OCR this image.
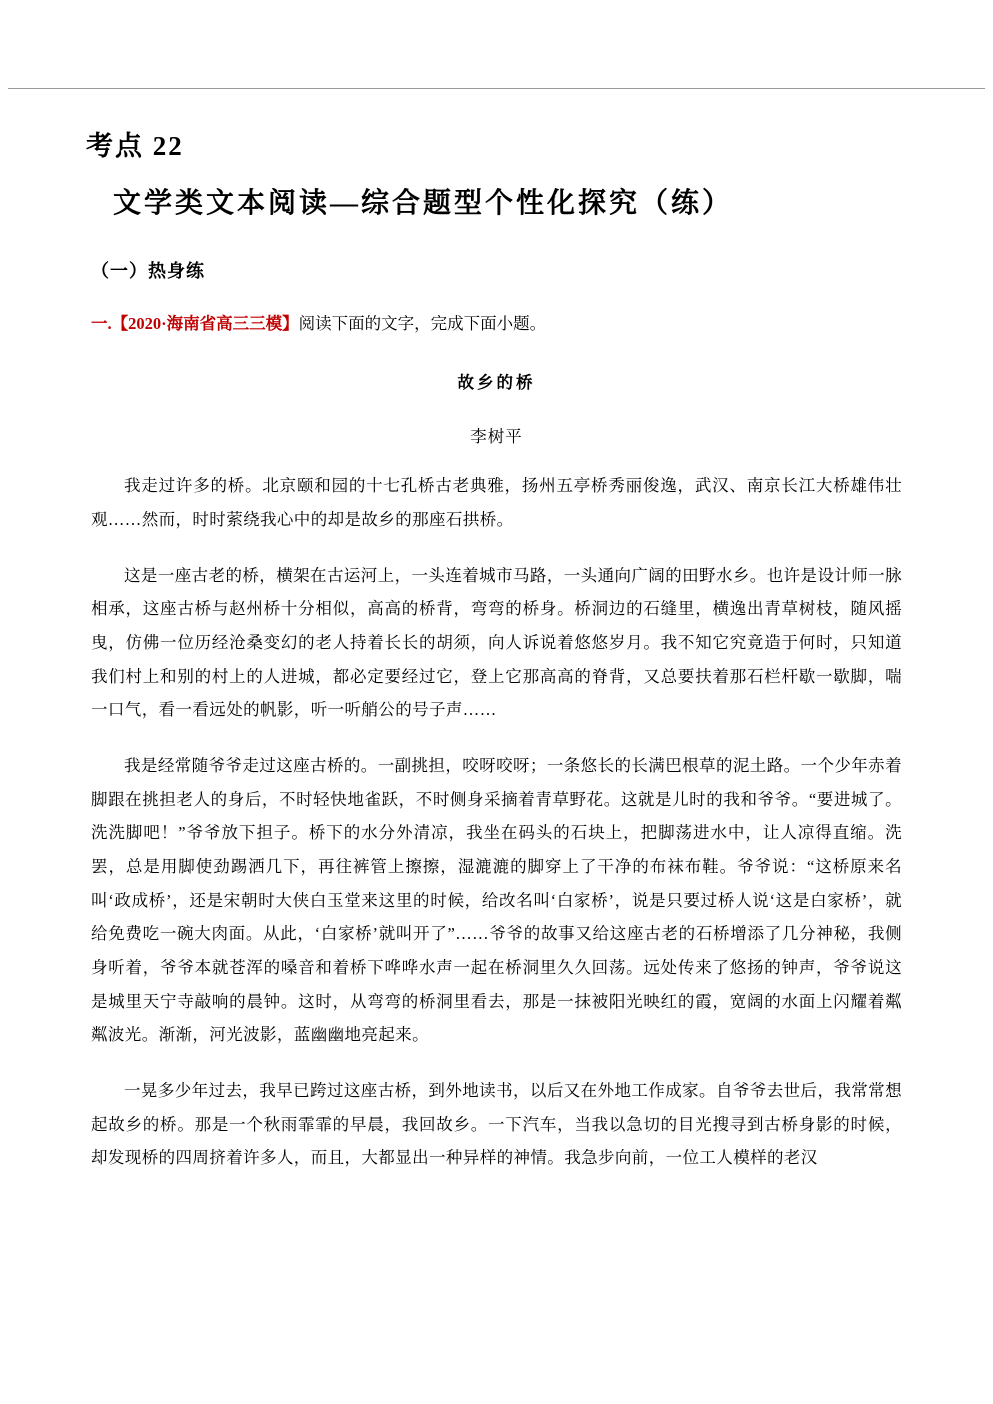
考点 22
文学类文本阅读—综合题型个性化探究（练）
（一）热身练
一.【2020·海南省高三三模】阅读下面的文字，完成下面小题。
故乡的桥
李树平

我走过许多的桥。北京颐和园的十七孔桥古老典雅，扬州五亭桥秀丽俊逸，武汉、南京长江大桥雄伟壮观……然而，时时萦绕我心中的却是故乡的那座石拱桥。

这是一座古老的桥，横架在古运河上，一头连着城市马路，一头通向广阔的田野水乡。也许是设计师一脉相承，这座古桥与赵州桥十分相似，高高的桥背，弯弯的桥身。桥洞边的石缝里，横逸出青草树枝，随风摇曳，仿佛一位历经沧桑变幻的老人持着长长的胡须，向人诉说着悠悠岁月。我不知它究竟造于何时，只知道我们村上和别的村上的人进城，都必定要经过它，登上它那高高的脊背，又总要扶着那石栏杆歇一歇脚，喘一口气，看一看远处的帆影，听一听艄公的号子声……

我是经常随爷爷走过这座古桥的。一副挑担，咬呀咬呀；一条悠长的长满巴根草的泥土路。一个少年赤着脚跟在挑担老人的身后，不时轻快地雀跃，不时侧身采摘着青草野花。这就是儿时的我和爷爷。“要进城了。洗洗脚吧！”爷爷放下担子。桥下的水分外清凉，我坐在码头的石块上，把脚荡进水中，让人凉得直缩。洗罢，总是用脚使劲踢洒几下，再往裤管上擦擦，湿漉漉的脚穿上了干净的布袜布鞋。爷爷说：“这桥原来名叫‘政成桥’，还是宋朝时大侠白玉堂来这里的时候，给改名叫‘白家桥’，说是只要过桥人说‘这是白家桥’，就给免费吃一碗大肉面。从此，‘白家桥’就叫开了”……爷爷的故事又给这座古老的石桥增添了几分神秘，我侧身听着，爷爷本就苍浑的嗓音和着桥下哗哗水声一起在桥洞里久久回荡。远处传来了悠扬的钟声，爷爷说这是城里天宁寺敲响的晨钟。这时，从弯弯的桥洞里看去，那是一抹被阳光映红的霞，宽阔的水面上闪耀着粼粼波光。渐渐，河光波影，蓝幽幽地亮起来。

一晃多少年过去，我早已跨过这座古桥，到外地读书，以后又在外地工作成家。自爷爷去世后，我常常想起故乡的桥。那是一个秋雨霏霏的早晨，我回故乡。一下汽车，当我以急切的目光搜寻到古桥身影的时候，却发现桥的四周挤着许多人，而且，大都显出一种异样的神情。我急步向前，一位工人模样的老汉
